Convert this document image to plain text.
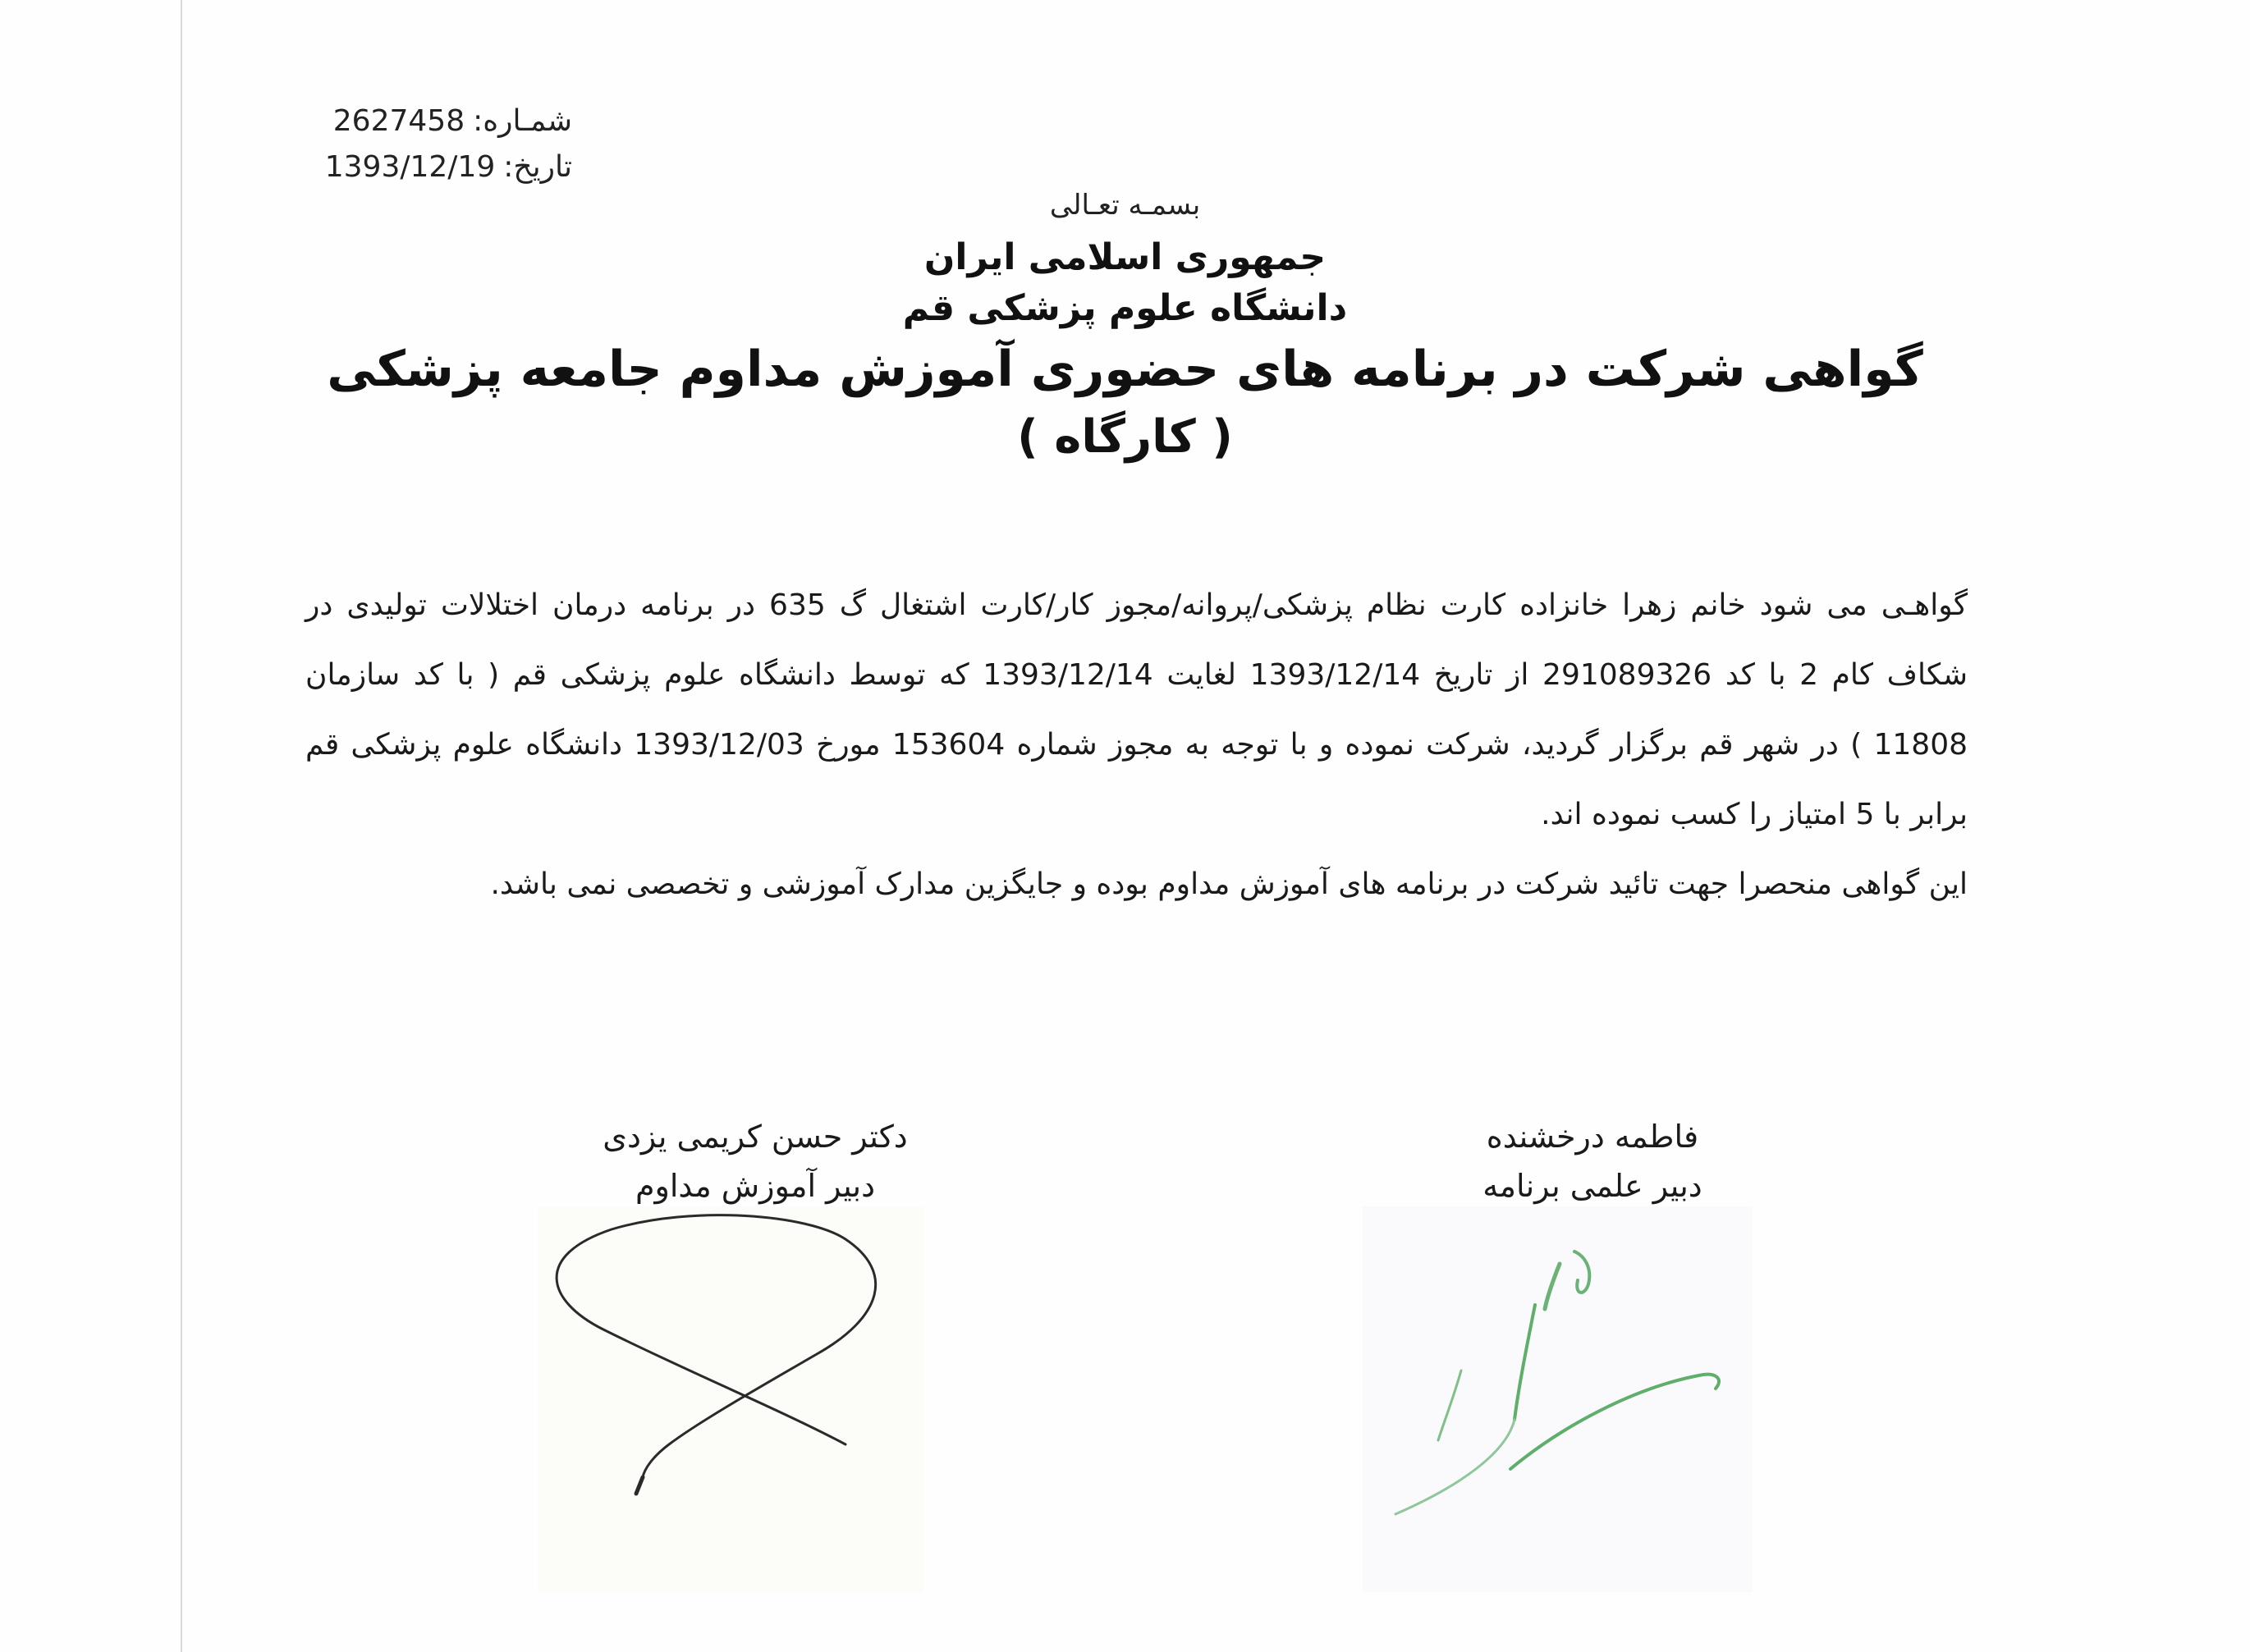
شمـاره:2627458
تاریخ:1393/12/19
بسمـه تعـالی
جمهوری اسلامی ایران
دانشگاه علوم پزشکی قم
گواهی شرکت در برنامه های حضوری آموزش مداوم جامعه پزشکی
( کارگاه )

گواهـی می شود خانم زهرا خانزاده کارت نظام پزشکی/پروانه/مجوز کار/کارت اشتغال گ 635 در برنامه درمان اختلالات تولیدی در شکاف کام 2 با کد 291089326 از تاریخ 1393/12/14 لغایت 1393/12/14 که توسط دانشگاه علوم پزشکی قم ( با کد سازمان 11808 ) در شهر قم برگزار گردید، شرکت نموده و با توجه به مجوز شماره 153604 مورخ 1393/12/03 دانشگاه علوم پزشکی قم برابر با 5 امتیاز را کسب نموده اند.

این گواهی منحصرا جهت تائید شرکت در برنامه های آموزش مداوم بوده و جایگزین مدارک آموزشی و تخصصی نمی باشد.

دکتر حسن کریمی یزدی
دبیر آموزش مداوم
فاطمه درخشنده
دبیر علمی برنامه
